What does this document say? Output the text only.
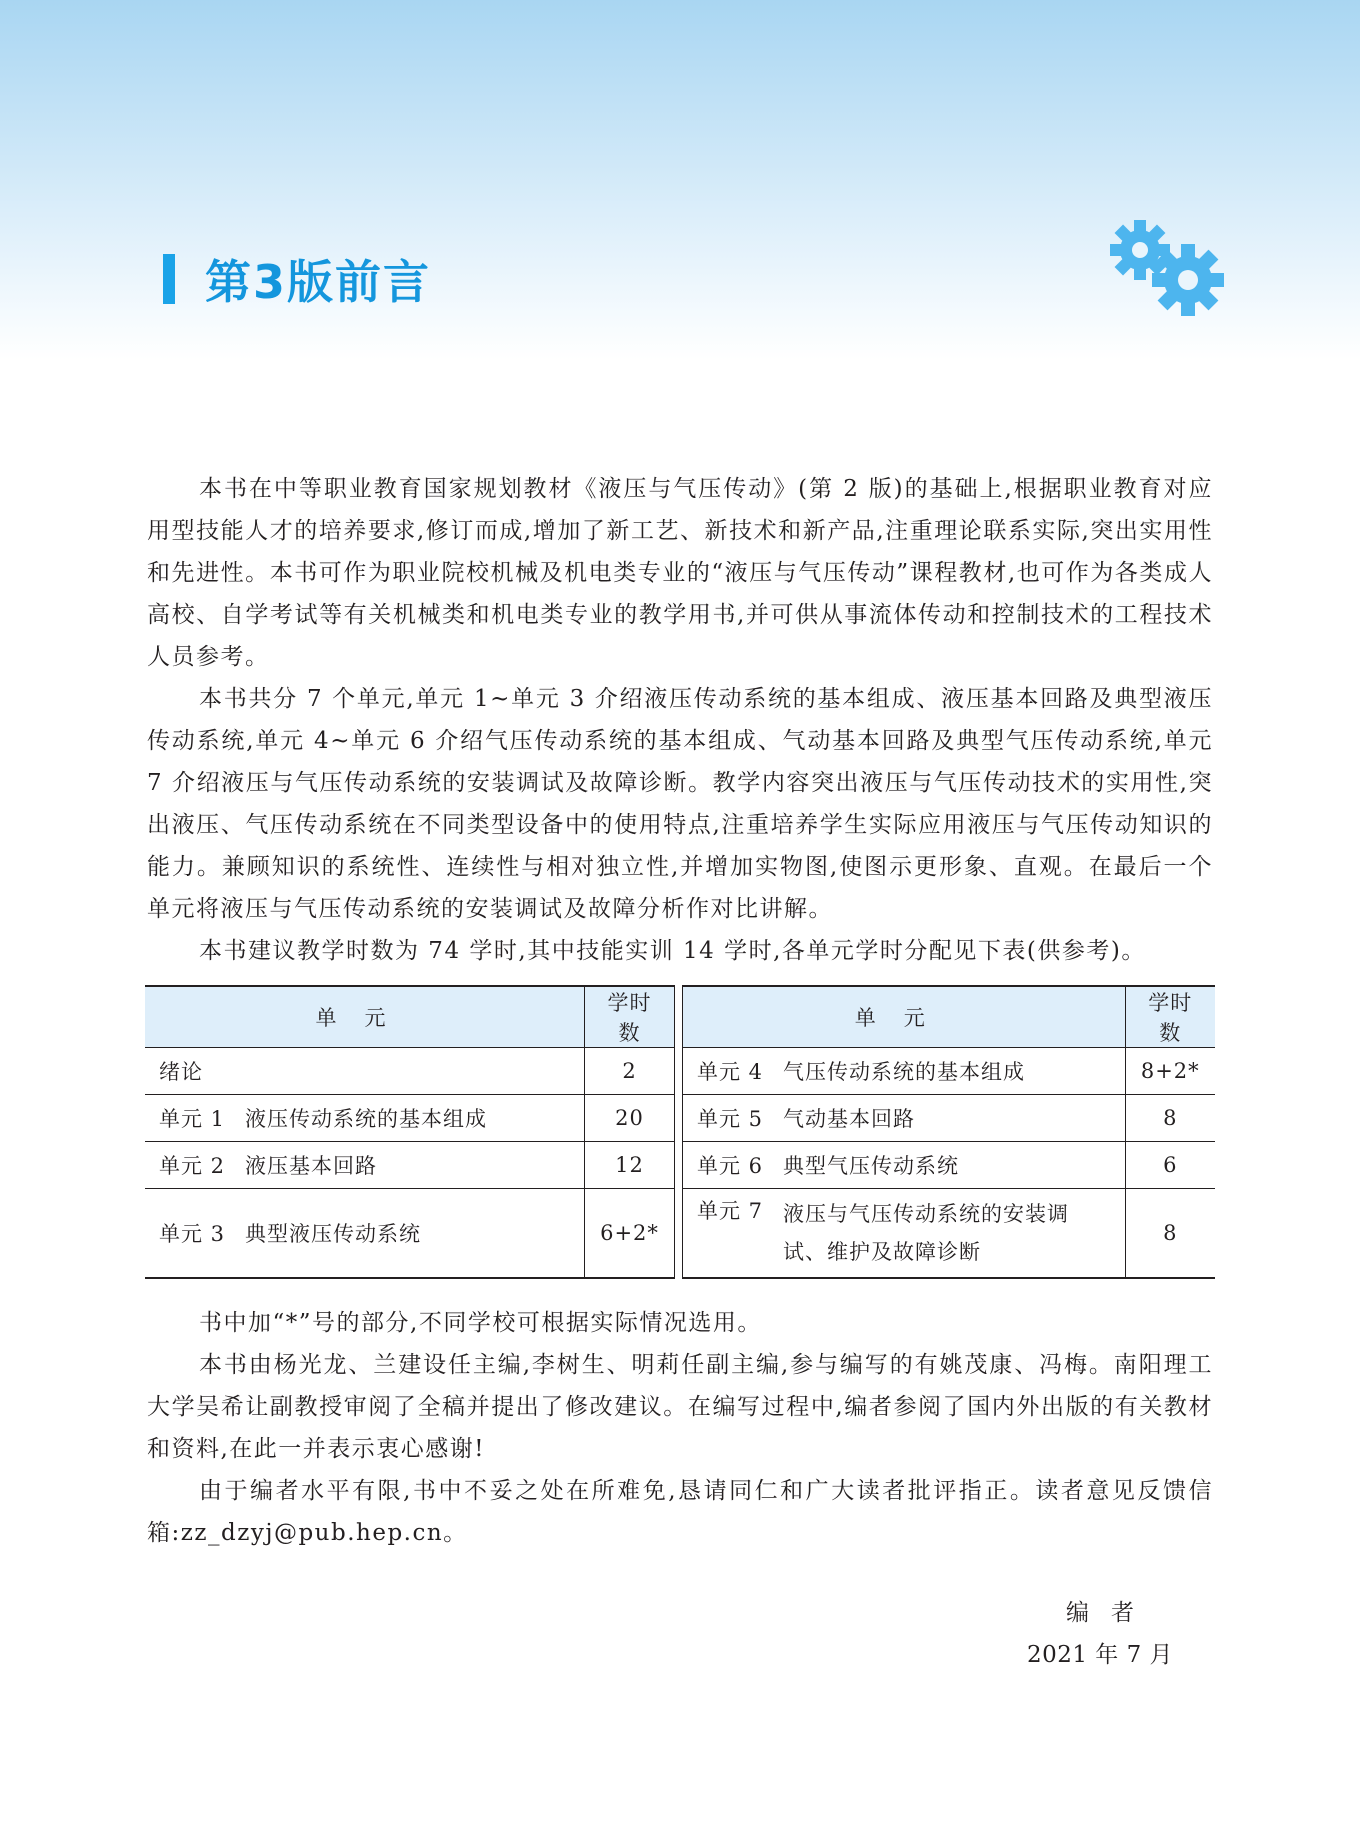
第3版前言

本书在中等职业教育国家规划教材《液压与气压传动》(第 2 版)的基础上,根据职业教育对应用型技能人才的培养要求,修订而成,增加了新工艺、新技术和新产品,注重理论联系实际,突出实用性和先进性。本书可作为职业院校机械及机电类专业的“液压与气压传动”课程教材,也可作为各类成人高校、自学考试等有关机械类和机电类专业的教学用书,并可供从事流体传动和控制技术的工程技术人员参考。

本书共分 7 个单元,单元 1~单元 3 介绍液压传动系统的基本组成、液压基本回路及典型液压传动系统,单元 4~单元 6 介绍气压传动系统的基本组成、气动基本回路及典型气压传动系统,单元 7 介绍液压与气压传动系统的安装调试及故障诊断。教学内容突出液压与气压传动技术的实用性,突出液压、气压传动系统在不同类型设备中的使用特点,注重培养学生实际应用液压与气压传动知识的能力。兼顾知识的系统性、连续性与相对独立性,并增加实物图,使图示更形象、直观。在最后一个单元将液压与气压传动系统的安装调试及故障分析作对比讲解。

本书建议教学时数为 74 学时,其中技能实训 14 学时,各单元学时分配见下表(供参考)。

单元	学时数
绪论	2
单元 1 液压传动系统的基本组成	20
单元 2 液压基本回路	12
单元 3 典型液压传动系统	6+2*
单元	学时数
单元 4 气压传动系统的基本组成	8+2*
单元 5 气动基本回路	8
单元 6 典型气压传动系统	6

单元 7 液压与气压传动系统的安装调试、维护及故障诊断	8

书中加“*”号的部分,不同学校可根据实际情况选用。

本书由杨光龙、兰建设任主编,李树生、明莉任副主编,参与编写的有姚茂康、冯梅。南阳理工大学吴希让副教授审阅了全稿并提出了修改建议。在编写过程中,编者参阅了国内外出版的有关教材和资料,在此一并表示衷心感谢!

由于编者水平有限,书中不妥之处在所难免,恳请同仁和广大读者批评指正。读者意见反馈信箱:zz_dzyj@pub.hep.cn。

编者
2021 年 7 月
